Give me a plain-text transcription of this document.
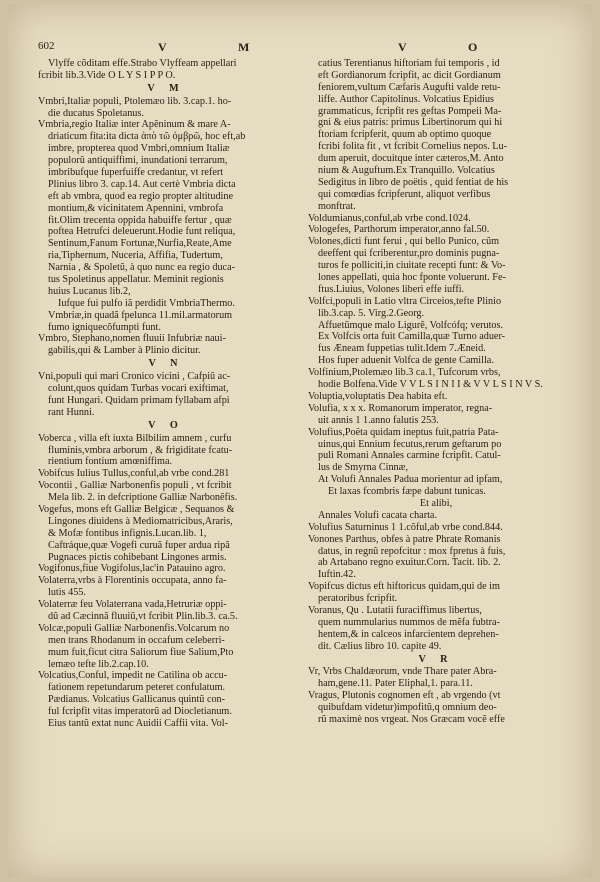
602	V	M	V	O
Vlyffe cõditam effe.Strabo Vlyffeam appellari
fcribit lib.3.Vide O L Y S I P P O.
V M
Vmbri,Italiæ populi, Ptolemæo lib. 3.cap.1. ho-
die ducatus Spoletanus.
Vmbria,regio Italiæ inter Apẽninum & mare A-
driaticum fita:ita dicta ἀπὸ τῶ ὀμβρῶ, hoc eft,ab
imbre, propterea quod Vmbri,omnium Italiæ
populorũ antiquiffimi, inundationi terrarum,
imbribufque fuperfuiffe credantur, vt refert
Plinius libro 3. cap.14. Aut certè Vmbria dicta
eft ab vmbra, quod ea regio propter altitudine
montium,& vicinitatem Apennini, vmbrofa
fit.Olim trecenta oppida habuiffe fertur , quæ
poftea Hetrufci deleuerunt.Hodie funt reliqua,
Sentinum,Fanum Fortunæ,Nurfia,Reate,Ame
ria,Tiphernum, Nuceria, Affifia, Tudertum,
Narnia , & Spoletũ, à quo nunc ea regio duca-
tus Spoletinus appellatur. Meminit regionis
huius Lucanus lib.2,
Iufque fui pulfo iã perdidit VmbriaThermo.
Vmbriæ,in quadã fpelunca 11.mil.armatorum
fumo igniquecõfumpti funt.
Vmbro, Stephano,nomen fluuii Infubriæ naui-
gabilis,qui & Lamber à Plinio dicitur.
V N
Vni,populi qui mari Cronico vicini , Cafpiũ ac-
colunt,quos quidam Turbas vocari exiftimat,
funt Hungari. Quidam primam fyllabam afpi
rant Hunni.
V O
Voberca , villa eft iuxta Bilbilim amnem , curfu
fluminis,vmbra arborum , & frigiditate fcatu-
rientium fontium amœniffima.
Vobifcus Iulius Tullus,conful,ab vrbe cond.281
Vocontii , Galliæ Narbonenfis populi , vt fcribit
Mela lib. 2. in defcriptione Galliæ Narbonẽfis.
Vogefus, mons eft Galliæ Belgicæ , Sequanos &
Lingones diuidens à Mediomatricibus,Araris,
& Mofæ fontibus infignis.Lucan.lib. 1,
Caftráque,quæ Vogefi curuã fuper ardua ripã
Pugnaces pictis cohibebant Lingones armis.
Vogifonus,fiue Vogifolus,lac'in Patauino agro.
Volaterra,vrbs à Florentinis occupata, anno fa-
lutis 455.
Volaterræ feu Volaterrana vada,Hetruriæ oppi-
dũ ad Cæcinnã fluuiũ,vt fcribit Plin.lib.3. ca.5.
Volcæ,populi Galliæ Narbonenfis.Volcarum no
men trans Rhodanum in occafum celeberri-
mum fuit,ficut citra Saliorum fiue Salium,Pto
lemæo tefte lib.2.cap.10.
Volcatius,Conful, impedit ne Catilina ob accu-
fationem repetundarum peteret confulatum.
Pædianus. Volcatius Gallicanus quintũ con-
ful fcripfit vitas imperatorũ ad Diocletianum.
Eius tantũ extat nunc Auidii Caffii vita. Vol-
catius Terentianus hiftoriam fui temporis , id
eft Gordianorum fcripfit, ac dicit Gordianum
feniorem,vultum Cæfaris Augufti valde retu-
liffe. Author Capitolinus. Volcatius Epidius
grammaticus, fcripfit res geftas Pompeii Ma-
gni & eius patris: primus Libertinorum qui hi
ftoriam fcripferit, quum ab optimo quoque
fcribi folita fit , vt fcribit Cornelius nepos. Lu-
dum aperuit, docuitque inter cæteros,M. Anto
nium & Auguftum.Ex Tranquillo. Volcatius
Sedigitus in libro de poëtis , quid fentiat de his
qui comœdias fcripferunt, aliquot verfibus
monftrat.
Voldumianus,conful,ab vrbe cond.1024.
Vologefes, Parthorum imperator,anno fal.50.
Volones,dicti funt ferui , qui bello Punico, cũm
deeffent qui fcriberentur,pro dominis pugna-
turos fe polliciti,in ciuitate recepti funt: & Vo-
lones appellati, quia hoc fponte voluerunt. Fe-
ftus.Liuius, Volones liberi effe iuffi.
Volfci,populi in Latio vltra Circeios,tefte Plinio
lib.3.cap. 5. Virg.2.Georg.
Affuetũmque malo Ligurẽ, Volfcófq; verutos.
Ex Volfcis orta fuit Camilla,quæ Turno aduer-
fus Æneam fuppetias tulit.Idem 7.Æneid.
Hos fuper aduenit Volfca de gente Camilla.
Volfinium,Ptolemæo lib.3 ca.1, Tufcorum vrbs,
hodie Bolfena.Vide V V L S I N I I & V V L S I N V S.
Voluptia,voluptatis Dea habita eft.
Volufia, x x x. Romanorum imperator, regna-
uit annis 1 1.anno falutis 253.
Volufius,Poëta quidam ineptus fuit,patria Pata-
uinus,qui Ennium fecutus,rerum geftarum po
puli Romani Annales carmine fcripfit. Catul-
lus de Smyrna Cinnæ,
At Volufi Annales Padua morientur ad ipfam,
Et laxas fcombris fæpe dabunt tunicas.
Et alibi,
Annales Volufi cacata charta.
Volufius Saturninus 1 1.cõful,ab vrbe cond.844.
Vonones Parthus, obfes à patre Phrate Romanis
datus, in regnũ repofcitur : mox fpretus à fuis,
ab Artabano regno exuitur.Corn. Tacit. lib. 2.
Iuftin.42.
Vopifcus dictus eft hiftoricus quidam,qui de im
peratoribus fcripfit.
Voranus, Qu . Lutatii furaciffimus libertus,
quem nummularius nummos de mẽfa fubtra-
hentem,& in calceos infarcientem deprehen-
dit. Cælius libro 10. capite 49.
V R
Vr, Vrbs Chaldæorum, vnde Thare pater Abra-
ham,gene.11. Pater Eliphal,1. para.11.
Vragus, Plutonis cognomen eft , ab vrgendo (vt
quibufdam videtur)impofitũ,q omnium deo-
rũ maximè nos vrgeat. Nos Græcam vocẽ effe
